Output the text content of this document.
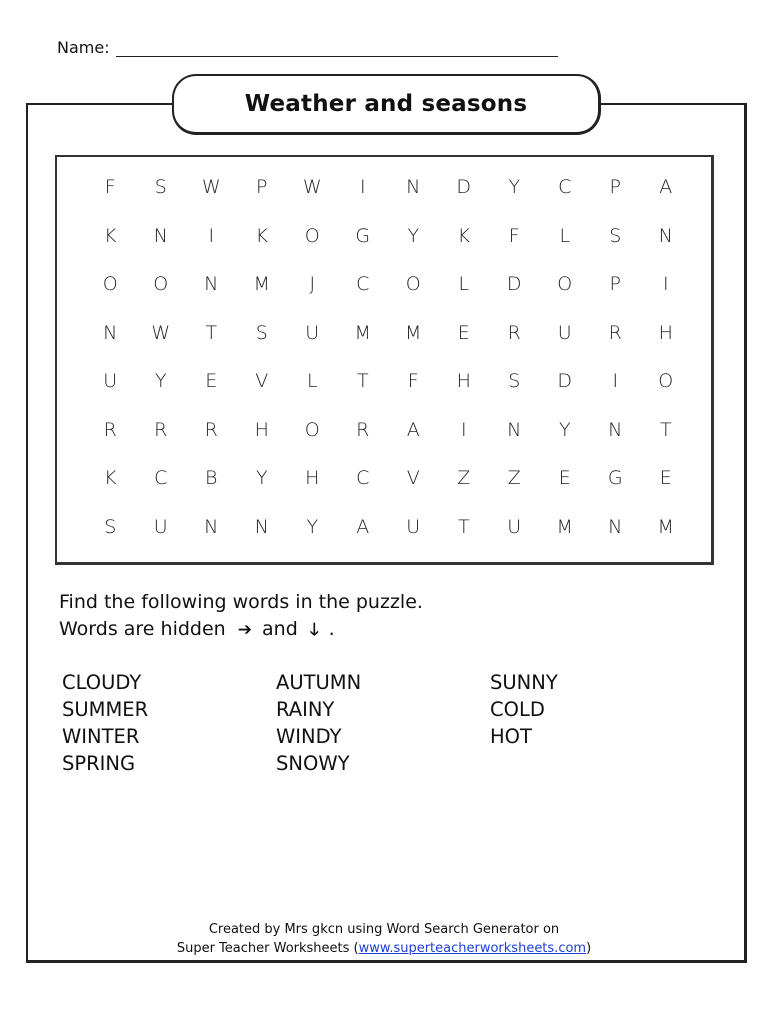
Name:
Weather and seasons
F	S	W	P	W	I	N	D	Y	C	P	A
K	N	I	K	O	G	Y	K	F	L	S	N
O	O	N	M	J	C	O	L	D	O	P	I
N	W	T	S	U	M	M	E	R	U	R	H
U	Y	E	V	L	T	F	H	S	D	I	O
R	R	R	H	O	R	A	I	N	Y	N	T
K	C	B	Y	H	C	V	Z	Z	E	G	E
S	U	N	N	Y	A	U	T	U	M	N	M
Find the following words in the puzzle.
Words are hidden ➔ and 🡓 .
CLOUDY
SUMMER
WINTER
SPRING
AUTUMN
RAINY
WINDY
SNOWY
SUNNY
COLD
HOT
Created by Mrs gkcn using Word Search Generator on
Super Teacher Worksheets (www.superteacherworksheets.com)
